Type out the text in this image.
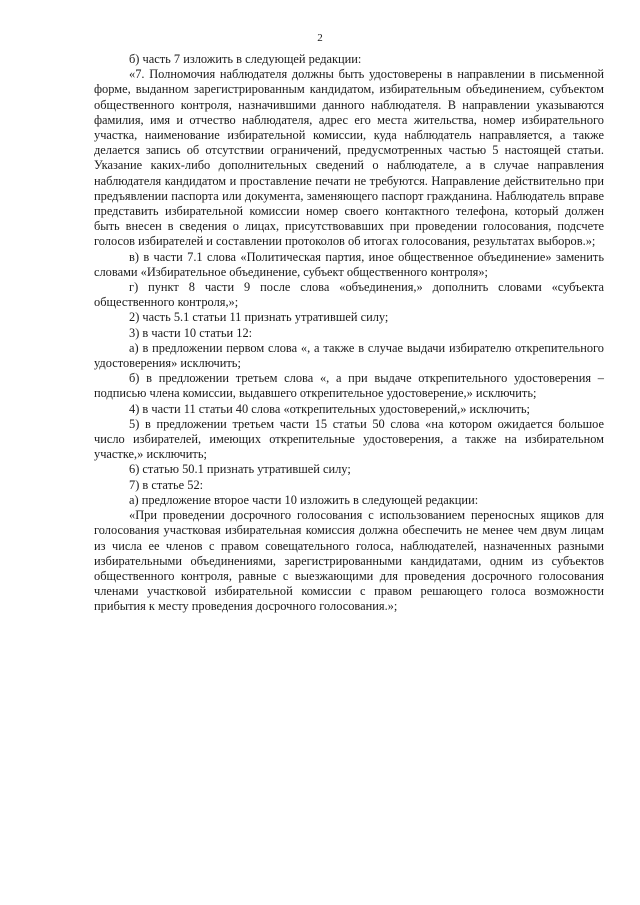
2

б) часть 7 изложить в следующей редакции:

«7. Полномочия наблюдателя должны быть удостоверены в направлении в письменной форме, выданном зарегистрированным кандидатом, избирательным объединением, субъектом общественного контроля, назначившими данного наблюдателя. В направлении указываются фамилия, имя и отчество наблюдателя, адрес его места жительства, номер избирательного участка, наименование избирательной комиссии, куда наблюдатель направляется, а также делается запись об отсутствии ограничений, предусмотренных частью 5 настоящей статьи. Указание каких-либо дополнительных сведений о наблюдателе, а в случае направления наблюдателя кандидатом и проставление печати не требуются. Направление действительно при предъявлении паспорта или документа, заменяющего паспорт гражданина. Наблюдатель вправе представить избирательной комиссии номер своего контактного телефона, который должен быть внесен в сведения о лицах, присутствовавших при проведении голосования, подсчете голосов избирателей и составлении протоколов об итогах голосования, результатах выборов.»;

в) в части 7.1 слова «Политическая партия, иное общественное объединение» заменить словами «Избирательное объединение, субъект общественного контроля»;

г) пункт 8 части 9 после слова «объединения,» дополнить словами «субъекта общественного контроля,»;

2) часть 5.1 статьи 11 признать утратившей силу;

3) в части 10 статьи 12:

а) в предложении первом слова «, а также в случае выдачи избирателю открепительного удостоверения» исключить;

б) в предложении третьем слова «, а при выдаче открепительного удостоверения – подписью члена комиссии, выдавшего открепительное удостоверение,» исключить;

4) в части 11 статьи 40 слова «открепительных удостоверений,» исключить;

5) в предложении третьем части 15 статьи 50 слова «на котором ожидается большое число избирателей, имеющих открепительные удостоверения, а также на избирательном участке,» исключить;

6) статью 50.1 признать утратившей силу;

7) в статье 52:

а) предложение второе части 10 изложить в следующей редакции:

«При проведении досрочного голосования с использованием переносных ящиков для голосования участковая избирательная комиссия должна обеспечить не менее чем двум лицам из числа ее членов с правом совещательного голоса, наблюдателей, назначенных разными избирательными объединениями, зарегистрированными кандидатами, одним из субъектов общественного контроля, равные с выезжающими для проведения досрочного голосования членами участковой избирательной комиссии с правом решающего голоса возможности прибытия к месту проведения досрочного голосования.»;
